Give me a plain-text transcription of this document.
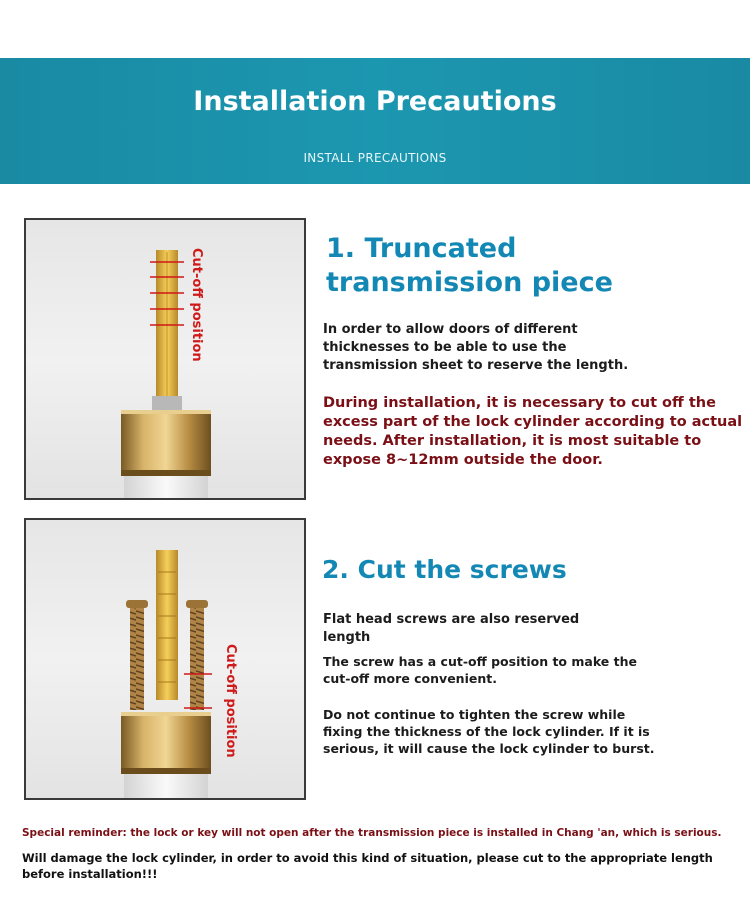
Installation Precautions
INSTALL PRECAUTIONS
Cut-off position	1. Truncated
transmission piece
In order to allow doors of different
thicknesses to be able to use the
transmission sheet to reserve the length.
During installation, it is necessary to cut off the
excess part of the lock cylinder according to actual
needs. After installation, it is most suitable to
expose 8~12mm outside the door.
Cut-off position
2. Cut the screws
Flat head screws are also reserved
length
The screw has a cut-off position to make the
cut-off more convenient.
Do not continue to tighten the screw while
fixing the thickness of the lock cylinder. If it is
serious, it will cause the lock cylinder to burst.
Special reminder: the lock or key will not open after the transmission piece is installed in Chang 'an, which is serious.
Will damage the lock cylinder, in order to avoid this kind of situation, please cut to the appropriate length
before installation!!!
